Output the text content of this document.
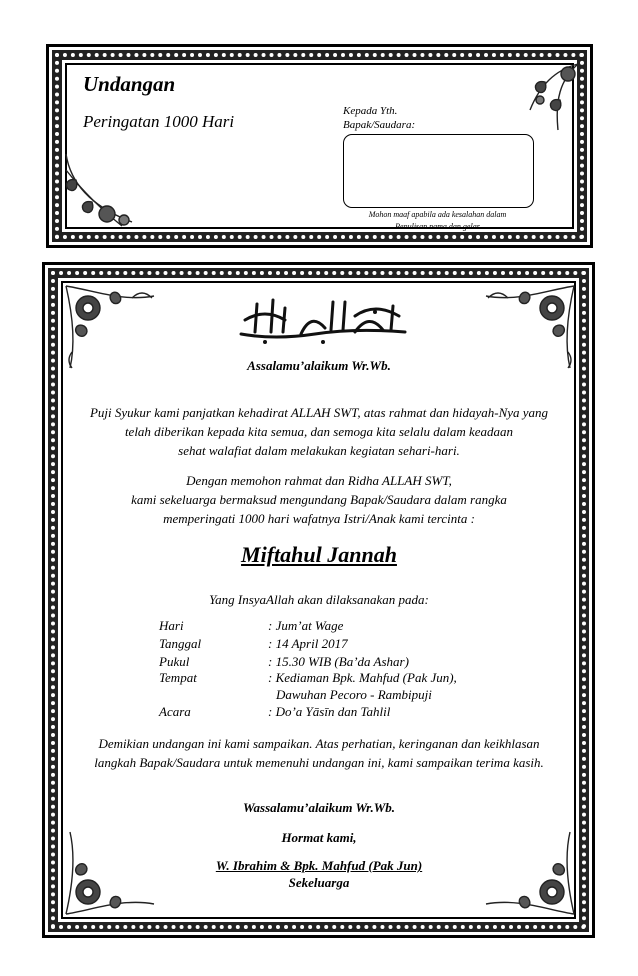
Undangan
Peringatan 1000 Hari
Kepada Yth.
Bapak/Saudara:
Mohon maaf apabila ada kesalahan dalam
Penulisan nama dan gelar
Assalamu’alaikum Wr.Wb.
Puji Syukur kami panjatkan kehadirat ALLAH SWT, atas rahmat dan hidayah-Nya yang
telah diberikan kepada kita semua, dan semoga kita selalu dalam keadaan
sehat walafiat dalam melakukan kegiatan sehari-hari.
Dengan memohon rahmat dan Ridha ALLAH SWT,
kami sekeluarga bermaksud mengundang Bapak/Saudara dalam rangka
memperingati 1000 hari wafatnya Istri/Anak kami tercinta :
Miftahul Jannah
Yang InsyaAllah akan dilaksanakan pada:
Hari	: Jum’at Wage
Tanggal	: 14 April 2017
Pukul	: 15.30 WIB (Ba’da Ashar)
Tempat	: Kediaman Bpk. Mahfud (Pak Jun),
Dawuhan Pecoro - Rambipuji
Acara	: Do’a Yāsīn dan Tahlil
Demikian undangan ini kami sampaikan. Atas perhatian, keringanan dan keikhlasan
langkah Bapak/Saudara untuk memenuhi undangan ini, kami sampaikan terima kasih.
Wassalamu’alaikum Wr.Wb.
Hormat kami,
W. Ibrahim & Bpk. Mahfud (Pak Jun)
Sekeluarga
